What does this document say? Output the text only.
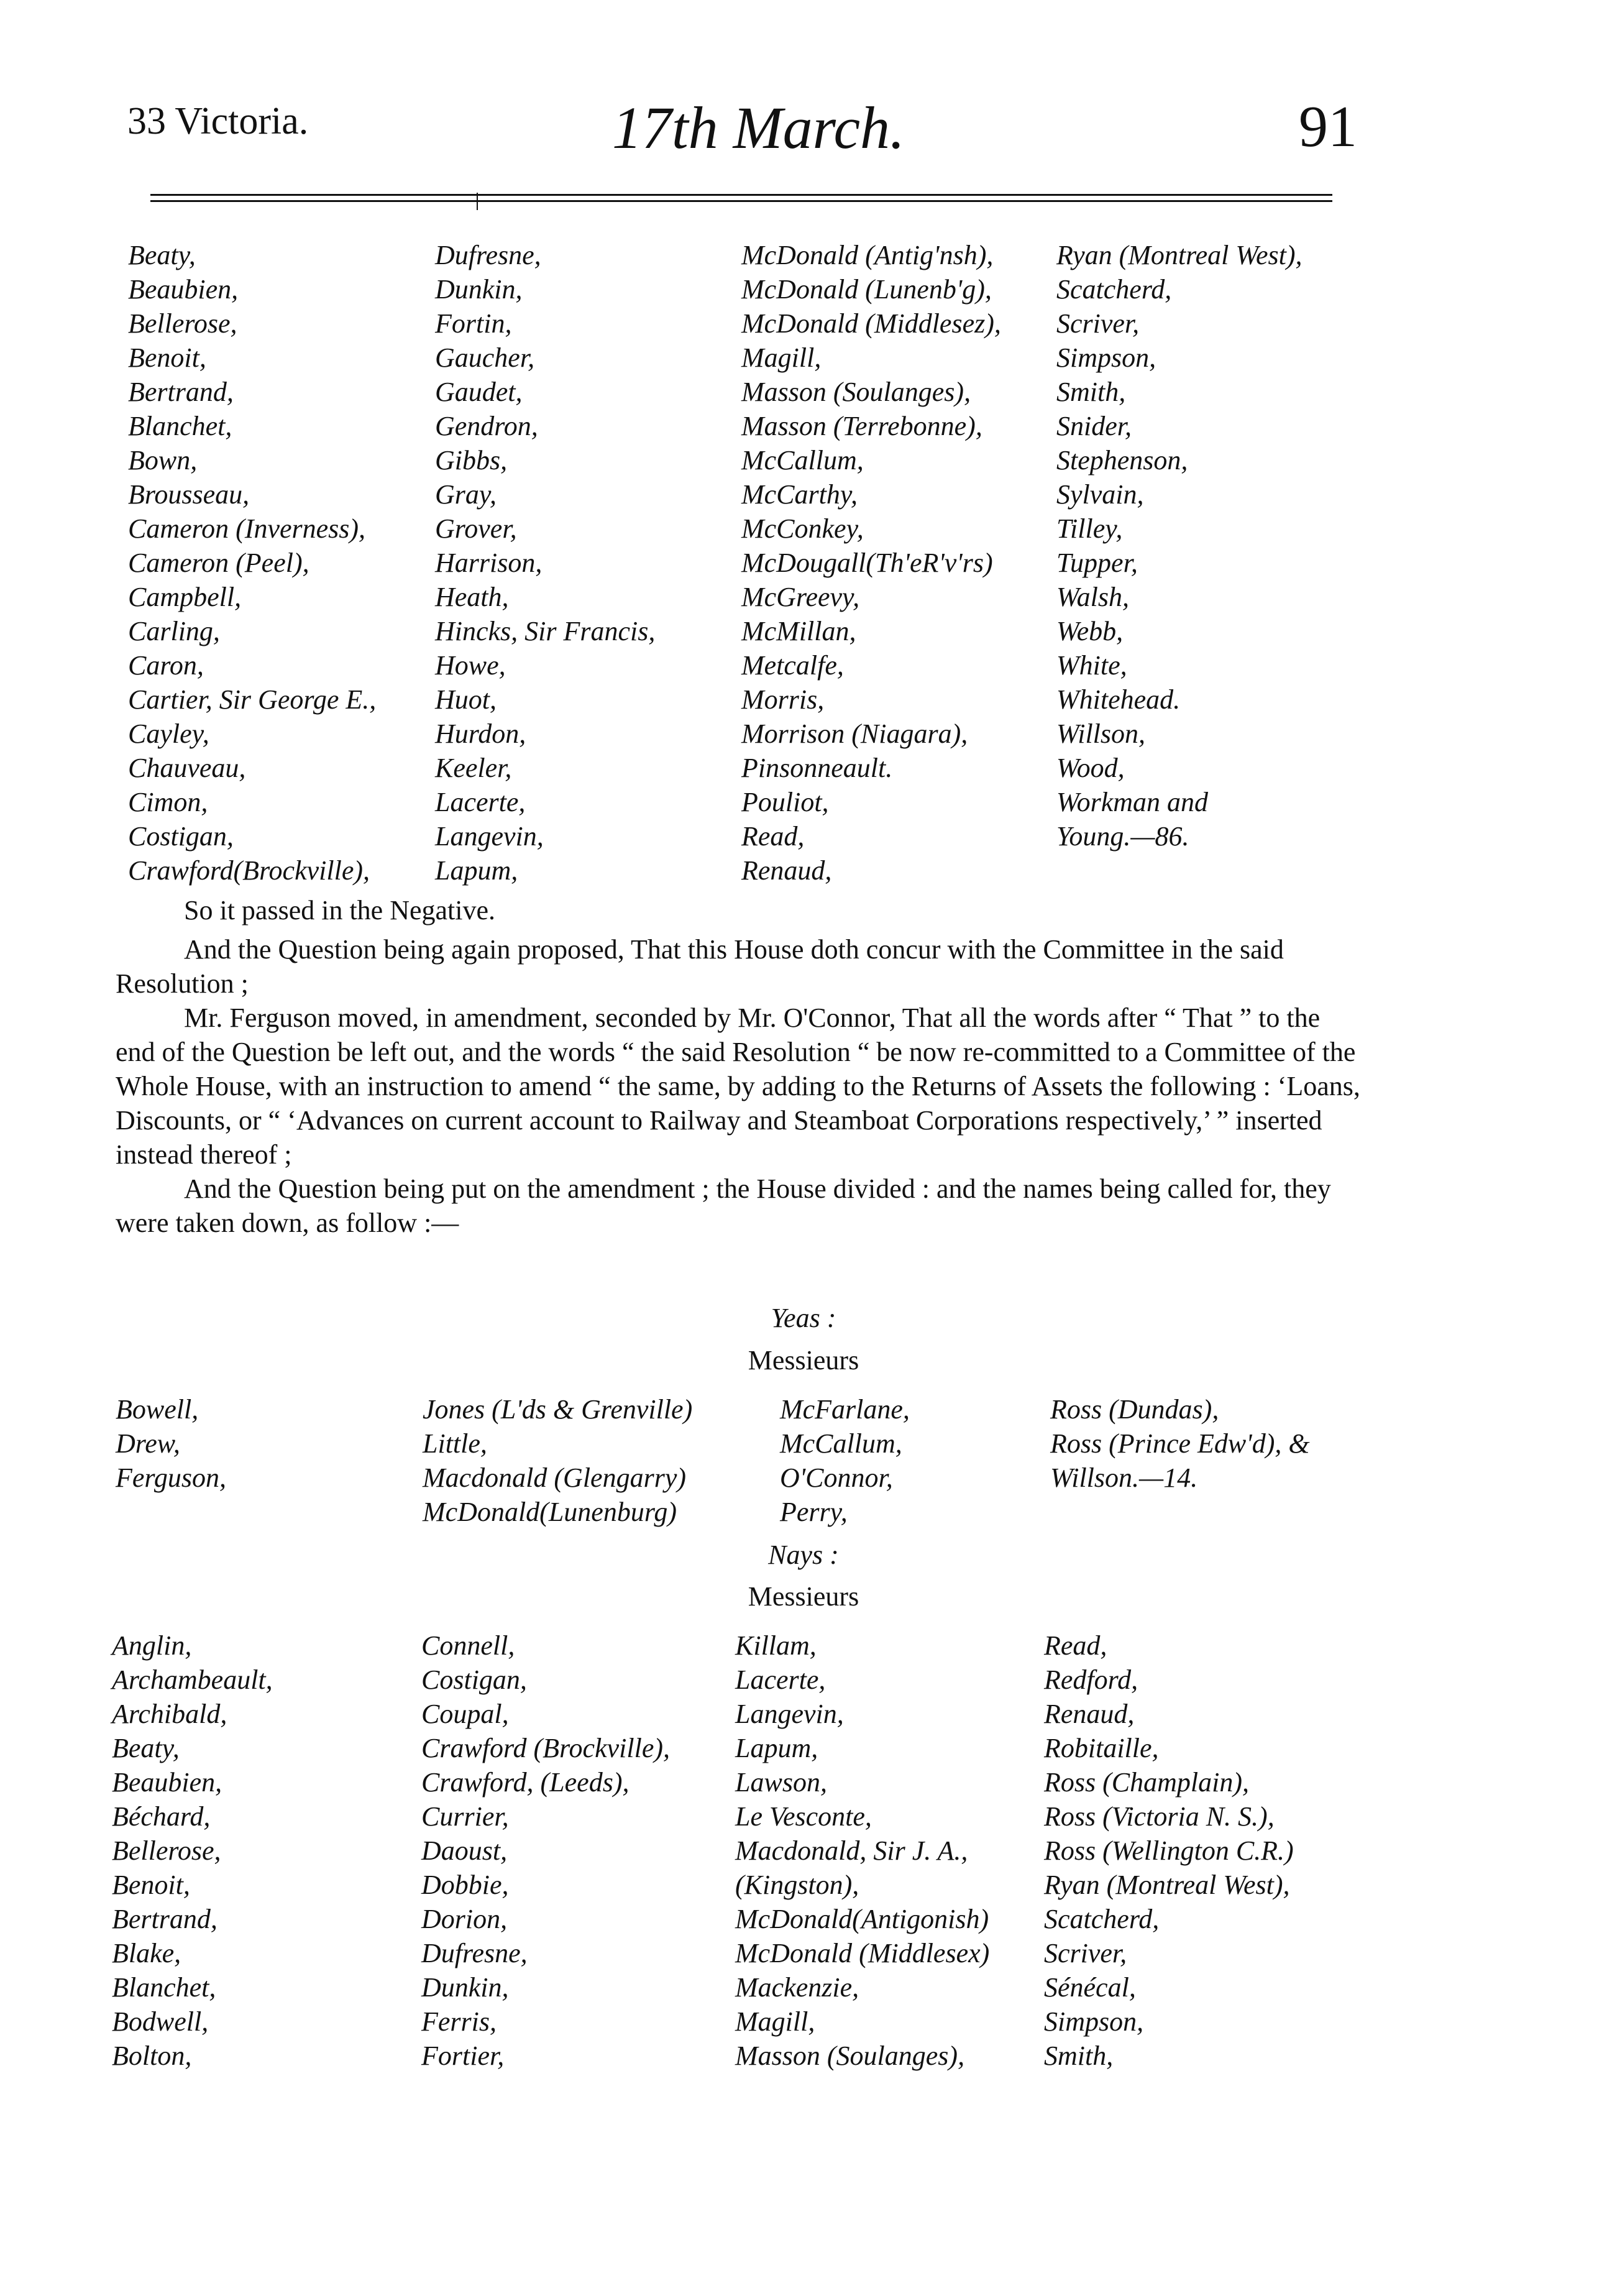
33 Victoria.	17th March.	91
Beaty,
Beaubien,
Bellerose,
Benoit,
Bertrand,
Blanchet,
Bown,
Brousseau,
Cameron (Inverness),
Cameron (Peel),
Campbell,
Carling,
Caron,
Cartier, Sir George E.,
Cayley,
Chauveau,
Cimon,
Costigan,
Crawford(Brockville),
Dufresne,
Dunkin,
Fortin,
Gaucher,
Gaudet,
Gendron,
Gibbs,
Gray,
Grover,
Harrison,
Heath,
Hincks, Sir Francis,
Howe,
Huot,
Hurdon,
Keeler,
Lacerte,
Langevin,
Lapum,
McDonald (Antig'nsh),
McDonald (Lunenb'g),
McDonald (Middlesez),
Magill,
Masson (Soulanges),
Masson (Terrebonne),
McCallum,
McCarthy,
McConkey,
McDougall(Th'eR'v'rs)
McGreevy,
McMillan,
Metcalfe,
Morris,
Morrison (Niagara),
Pinsonneault.
Pouliot,
Read,
Renaud,
Ryan (Montreal West),
Scatcherd,
Scriver,
Simpson,
Smith,
Snider,
Stephenson,
Sylvain,
Tilley,
Tupper,
Walsh,
Webb,
White,
Whitehead.
Willson,
Wood,
Workman and
Young.—86.

So it passed in the Negative.

And the Question being again proposed, That this House doth concur with the Committee in the said Resolution ;

Mr. Ferguson moved, in amendment, seconded by Mr. O'Connor, That all the words after “ That ” to the end of the Question be left out, and the words “ the said Resolution “ be now re-committed to a Committee of the Whole House, with an instruction to amend “ the same, by adding to the Returns of Assets the following : ‘Loans, Discounts, or “ ‘Advances on current account to Railway and Steamboat Corporations respectively,’ ” inserted instead thereof ;

And the Question being put on the amendment ; the House divided : and the names being called for, they were taken down, as follow :—

Yeas :
Messieurs
Bowell,
Drew,
Ferguson,
Jones (L'ds & Grenville)
Little,
Macdonald (Glengarry)
McDonald(Lunenburg)
McFarlane,
McCallum,
O'Connor,
Perry,
Ross (Dundas),
Ross (Prince Edw'd), &
Willson.—14.
Nays :
Messieurs
Anglin,
Archambeault,
Archibald,
Beaty,
Beaubien,
Béchard,
Bellerose,
Benoit,
Bertrand,
Blake,
Blanchet,
Bodwell,
Bolton,
Connell,
Costigan,
Coupal,
Crawford (Brockville),
Crawford, (Leeds),
Currier,
Daoust,
Dobbie,
Dorion,
Dufresne,
Dunkin,
Ferris,
Fortier,
Killam,
Lacerte,
Langevin,
Lapum,
Lawson,
Le Vesconte,
Macdonald, Sir J. A.,
(Kingston),
McDonald(Antigonish)
McDonald (Middlesex)
Mackenzie,
Magill,
Masson (Soulanges),
Read,
Redford,
Renaud,
Robitaille,
Ross (Champlain),
Ross (Victoria N. S.),
Ross (Wellington C.R.)
Ryan (Montreal West),
Scatcherd,
Scriver,
Sénécal,
Simpson,
Smith,
